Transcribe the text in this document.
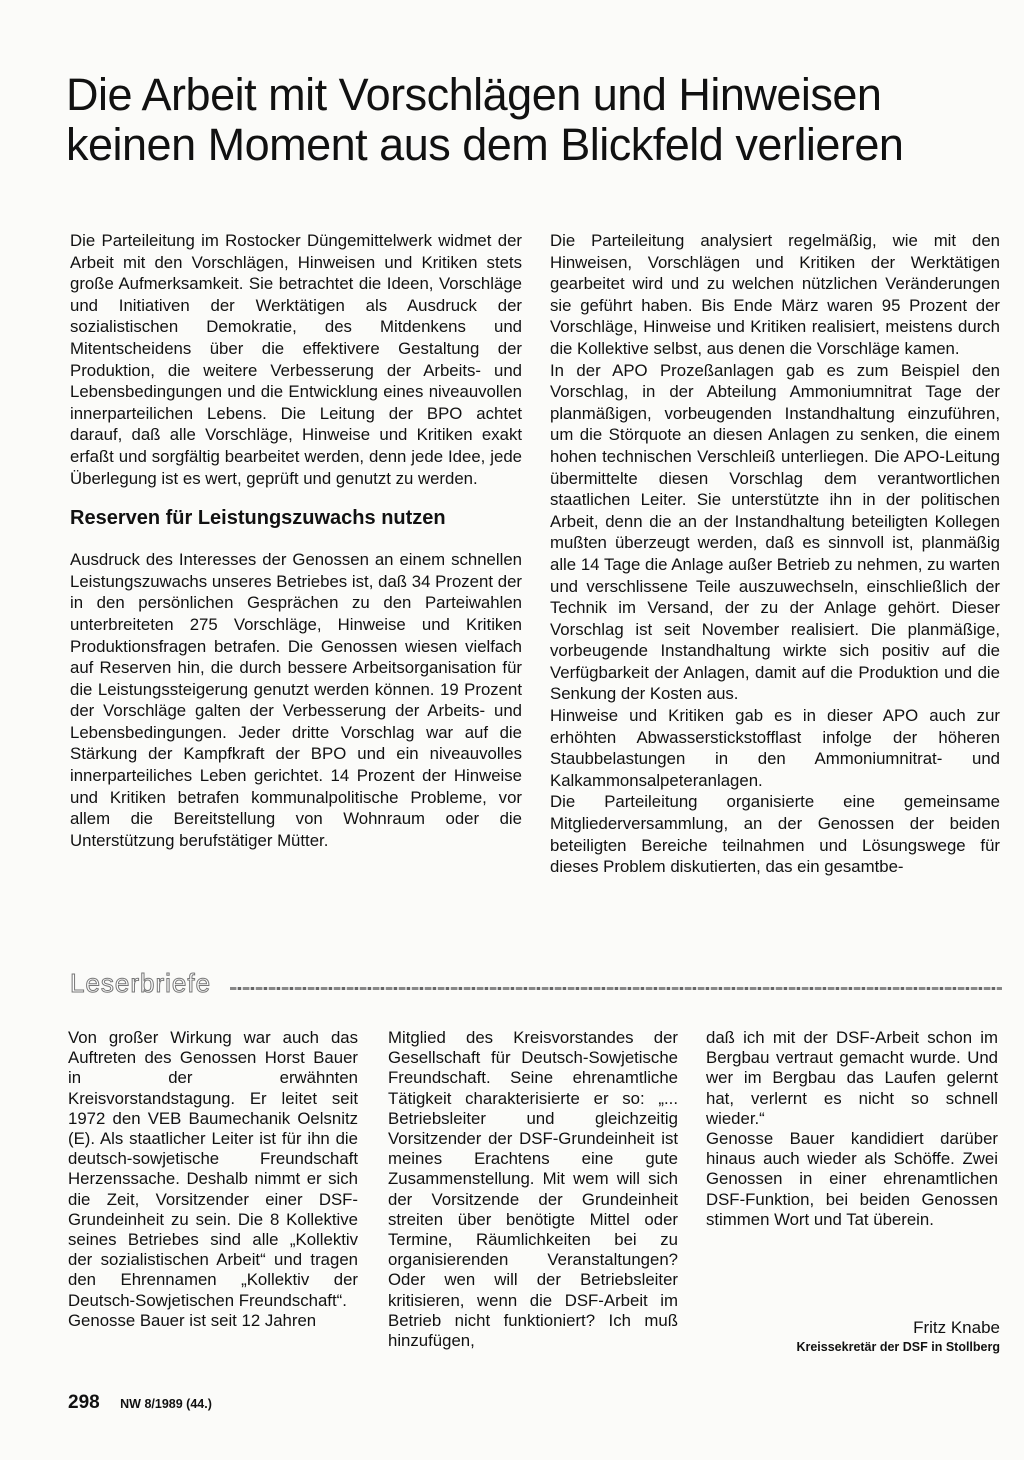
Die Arbeit mit Vorschlägen und Hinweisen
keinen Moment aus dem Blickfeld verlieren

Die Parteileitung im Rostocker Düngemittelwerk widmet der Arbeit mit den Vorschlägen, Hinweisen und Kritiken stets große Aufmerksamkeit. Sie betrachtet die Ideen, Vorschläge und Initiativen der Werktätigen als Ausdruck der sozialistischen Demokratie, des Mitdenkens und Mitentscheidens über die effektivere Gestaltung der Produktion, die weitere Verbesserung der Arbeits- und Lebensbedingungen und die Entwicklung eines niveauvollen innerparteilichen Lebens. Die Leitung der BPO achtet darauf, daß alle Vorschläge, Hinweise und Kritiken exakt erfaßt und sorgfältig bearbeitet werden, denn jede Idee, jede Überlegung ist es wert, geprüft und genutzt zu werden.

Reserven für Leistungszuwachs nutzen

Ausdruck des Interesses der Genossen an einem schnellen Leistungszuwachs unseres Betriebes ist, daß 34 Prozent der in den persönlichen Gesprächen zu den Parteiwahlen unterbreiteten 275 Vorschläge, Hinweise und Kritiken Produktionsfragen betrafen. Die Genossen wiesen vielfach auf Reserven hin, die durch bessere Arbeitsorganisation für die Leistungssteigerung genutzt werden können. 19 Prozent der Vorschläge galten der Verbesserung der Arbeits- und Lebensbedingungen. Jeder dritte Vorschlag war auf die Stärkung der Kampfkraft der BPO und ein niveauvolles innerparteiliches Leben gerichtet. 14 Prozent der Hinweise und Kritiken betrafen kommunalpolitische Probleme, vor allem die Bereitstellung von Wohnraum oder die Unterstützung berufstätiger Mütter.

Die Parteileitung analysiert regelmäßig, wie mit den Hinweisen, Vorschlägen und Kritiken der Werktätigen gearbeitet wird und zu welchen nützlichen Veränderungen sie geführt haben. Bis Ende März waren 95 Prozent der Vorschläge, Hinweise und Kritiken realisiert, meistens durch die Kollektive selbst, aus denen die Vorschläge kamen.

In der APO Prozeßanlagen gab es zum Beispiel den Vorschlag, in der Abteilung Ammoniumnitrat Tage der planmäßigen, vorbeugenden Instandhaltung einzuführen, um die Störquote an diesen Anlagen zu senken, die einem hohen technischen Verschleiß unterliegen. Die APO-Leitung übermittelte diesen Vorschlag dem verantwortlichen staatlichen Leiter. Sie unterstützte ihn in der politischen Arbeit, denn die an der Instandhaltung beteiligten Kollegen mußten überzeugt werden, daß es sinnvoll ist, planmäßig alle 14 Tage die Anlage außer Betrieb zu nehmen, zu warten und verschlissene Teile auszuwechseln, einschließlich der Technik im Versand, der zu der Anlage gehört. Dieser Vorschlag ist seit November realisiert. Die planmäßige, vorbeugende Instandhaltung wirkte sich positiv auf die Verfügbarkeit der Anlagen, damit auf die Produktion und die Senkung der Kosten aus.

Hinweise und Kritiken gab es in dieser APO auch zur erhöhten Abwasserstickstofflast infolge der höheren Staubbelastungen in den Ammoniumnitrat- und Kalkammonsalpeteranlagen.

Die Parteileitung organisierte eine gemeinsame Mitgliederversammlung, an der Genossen der beiden beteiligten Bereiche teilnahmen und Lösungswege für dieses Problem diskutierten, das ein gesamtbe-

Leserbriefe

Von großer Wirkung war auch das Auftreten des Genossen Horst Bauer in der erwähnten Kreisvorstandstagung. Er leitet seit 1972 den VEB Baumechanik Oelsnitz (E). Als staatlicher Leiter ist für ihn die deutsch-sowjetische Freundschaft Herzenssache. Deshalb nimmt er sich die Zeit, Vorsitzender einer DSF-Grundeinheit zu sein. Die 8 Kollektive seines Betriebes sind alle „Kollektiv der sozialistischen Arbeit“ und tragen den Ehrennamen „Kollektiv der Deutsch-Sowjetischen Freundschaft“.

Genosse Bauer ist seit 12 Jahren

Mitglied des Kreisvorstandes der Gesellschaft für Deutsch-Sowjetische Freundschaft. Seine ehrenamtliche Tätigkeit charakterisierte er so: „... Betriebsleiter und gleichzeitig Vorsitzender der DSF-Grundeinheit ist meines Erachtens eine gute Zusammenstellung. Mit wem will sich der Vorsitzende der Grundeinheit streiten über benötigte Mittel oder Termine, Räumlichkeiten bei zu organisierenden Veranstaltungen? Oder wen will der Betriebsleiter kritisieren, wenn die DSF-Arbeit im Betrieb nicht funktioniert? Ich muß hinzufügen,

daß ich mit der DSF-Arbeit schon im Bergbau vertraut gemacht wurde. Und wer im Bergbau das Laufen gelernt hat, verlernt es nicht so schnell wieder.“

Genosse Bauer kandidiert darüber hinaus auch wieder als Schöffe. Zwei Genossen in einer ehrenamtlichen DSF-Funktion, bei beiden Genossen stimmen Wort und Tat überein.

Fritz Knabe
Kreissekretär der DSF in Stollberg
298 NW 8/1989 (44.)
